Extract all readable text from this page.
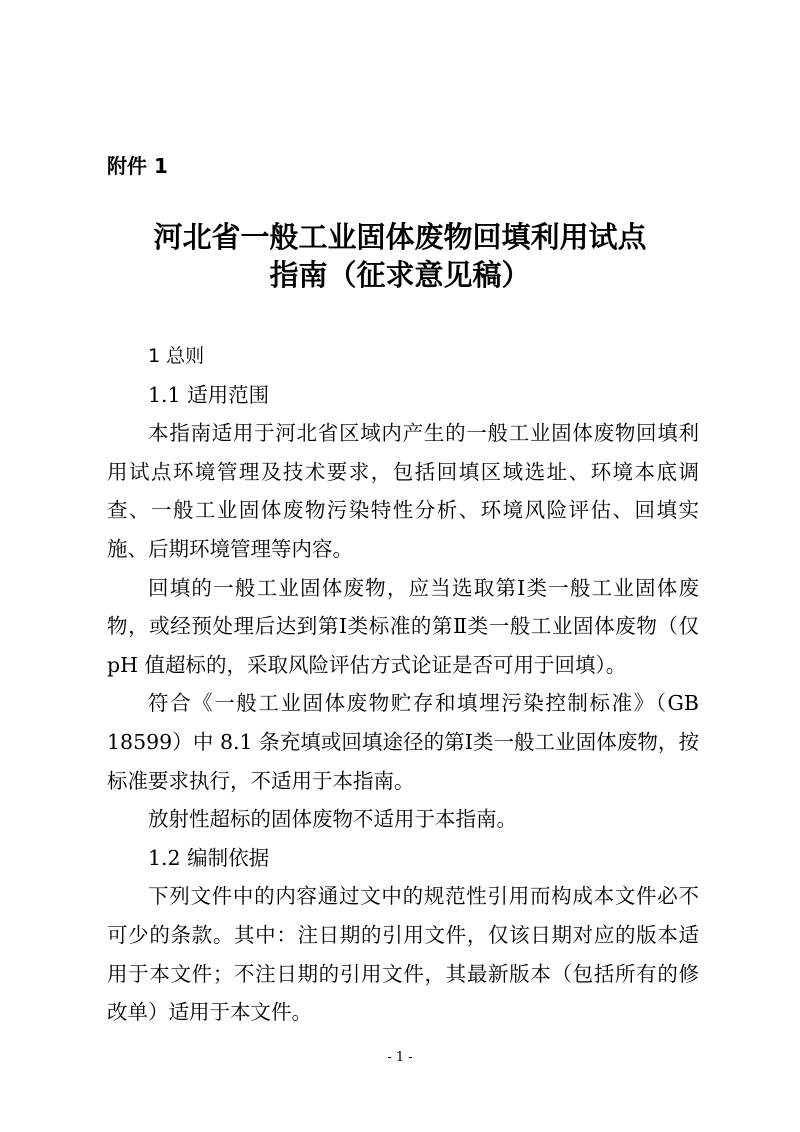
附件 1
河北省一般工业固体废物回填利用试点
指南（征求意见稿）

1 总则

1.1 适用范围

本指南适用于河北省区域内产生的一般工业固体废物回填利用试点环境管理及技术要求，包括回填区域选址、环境本底调查、一般工业固体废物污染特性分析、环境风险评估、回填实施、后期环境管理等内容。

回填的一般工业固体废物，应当选取第Ⅰ类一般工业固体废物，或经预处理后达到第Ⅰ类标准的第Ⅱ类一般工业固体废物（仅 pH 值超标的，采取风险评估方式论证是否可用于回填）。

符合《一般工业固体废物贮存和填埋污染控制标准》（GB 18599）中 8.1 条充填或回填途径的第Ⅰ类一般工业固体废物，按标准要求执行，不适用于本指南。

放射性超标的固体废物不适用于本指南。

1.2 编制依据

下列文件中的内容通过文中的规范性引用而构成本文件必不可少的条款。其中：注日期的引用文件，仅该日期对应的版本适用于本文件；不注日期的引用文件，其最新版本（包括所有的修改单）适用于本文件。

- 1 -
